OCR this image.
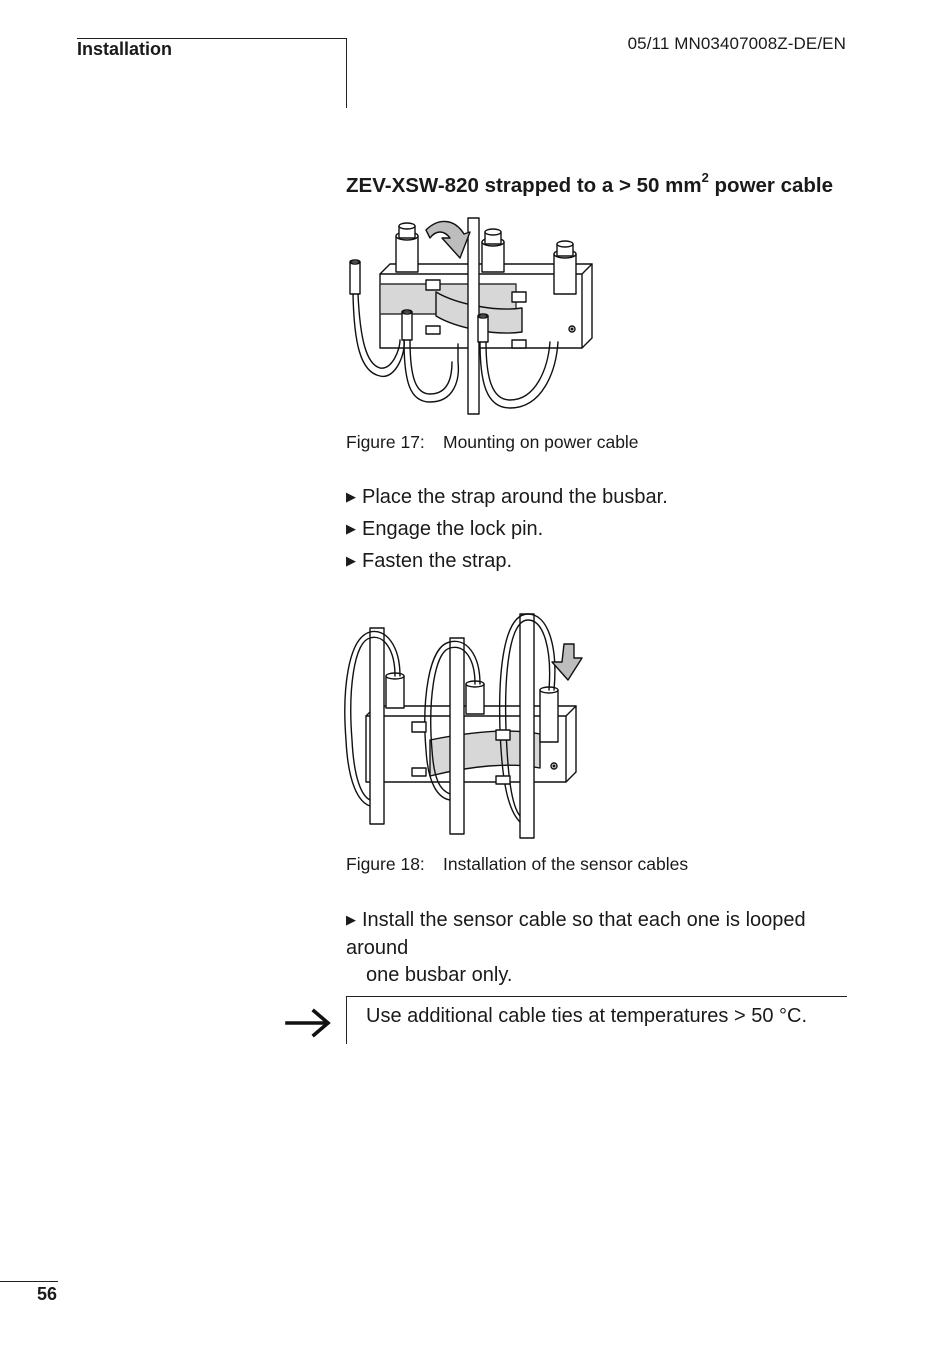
Installation	05/11 MN03407008Z-DE/EN
ZEV-XSW-820 strapped to a > 50 $mm^2$ power cable
Figure 17: Mounting on power cable
▶ Place the strap around the busbar.
▶ Engage the lock pin.
▶ Fasten the strap.
Figure 18: Installation of the sensor cables
▶ Install the sensor cable so that each one is looped around
one busbar only.
Use additional cable ties at temperatures > 50 °C.
56
